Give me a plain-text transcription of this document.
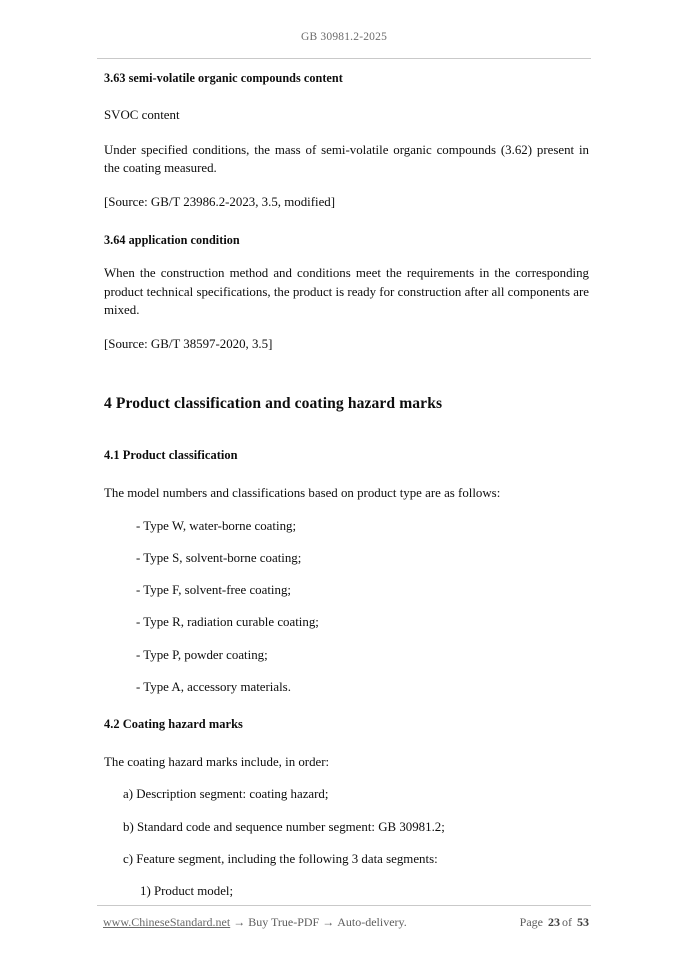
GB 30981.2-2025
3.63 semi-volatile organic compounds content

SVOC content

Under specified conditions, the mass of semi-volatile organic compounds (3.62) present in the coating measured.

[Source: GB/T 23986.2-2023, 3.5, modified]

3.64 application condition

When the construction method and conditions meet the requirements in the corresponding product technical specifications, the product is ready for construction after all components are mixed.

[Source: GB/T 38597-2020, 3.5]

4 Product classification and coating hazard marks
4.1 Product classification

The model numbers and classifications based on product type are as follows:

- Type W, water-borne coating;

- Type S, solvent-borne coating;

- Type F, solvent-free coating;

- Type R, radiation curable coating;

- Type P, powder coating;

- Type A, accessory materials.

4.2 Coating hazard marks

The coating hazard marks include, in order:

a) Description segment: coating hazard;

b) Standard code and sequence number segment: GB 30981.2;

c) Feature segment, including the following 3 data segments:

1) Product model;

www.ChineseStandard.net → Buy True-PDF → Auto-delivery.	Page 23 of 53
